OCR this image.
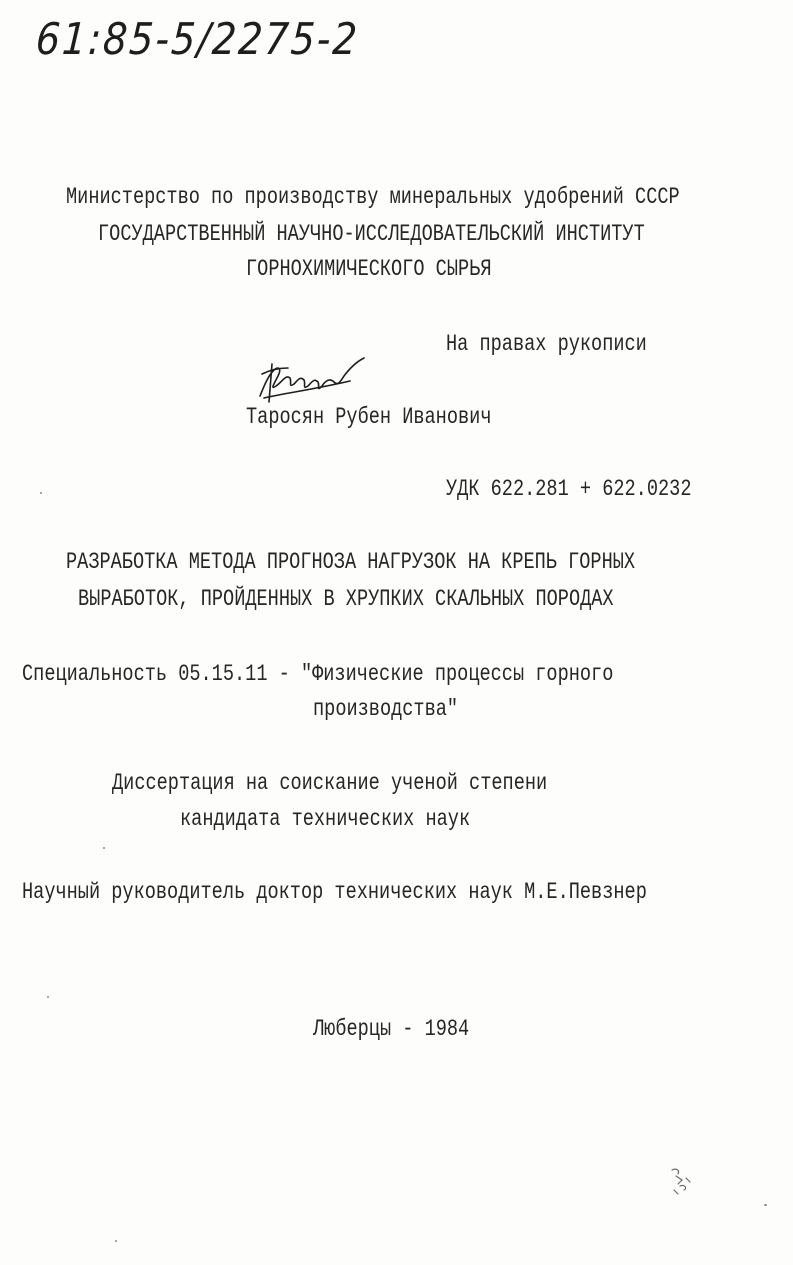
61:85-5/2275-2
Министерство по производству минеральных удобрений СССР
ГОСУДАРСТВЕННЫЙ НАУЧНО-ИССЛЕДОВАТЕЛЬСКИЙ ИНСТИТУТ
ГОРНОХИМИЧЕСКОГО СЫРЬЯ
На правах рукописи
Таросян Рубен Иванович
УДК 622.281 + 622.0232
РАЗРАБОТКА МЕТОДА ПРОГНОЗА НАГРУЗОК НА КРЕПЬ ГОРНЫХ
ВЫРАБОТОК, ПРОЙДЕННЫХ В ХРУПКИХ СКАЛЬНЫХ ПОРОДАХ
Специальность 05.15.11 - "Физические процессы горного
производства"
Диссертация на соискание ученой степени
кандидата технических наук
Научный руководитель доктор технических наук М.Е.Певзнер
Люберцы - 1984
